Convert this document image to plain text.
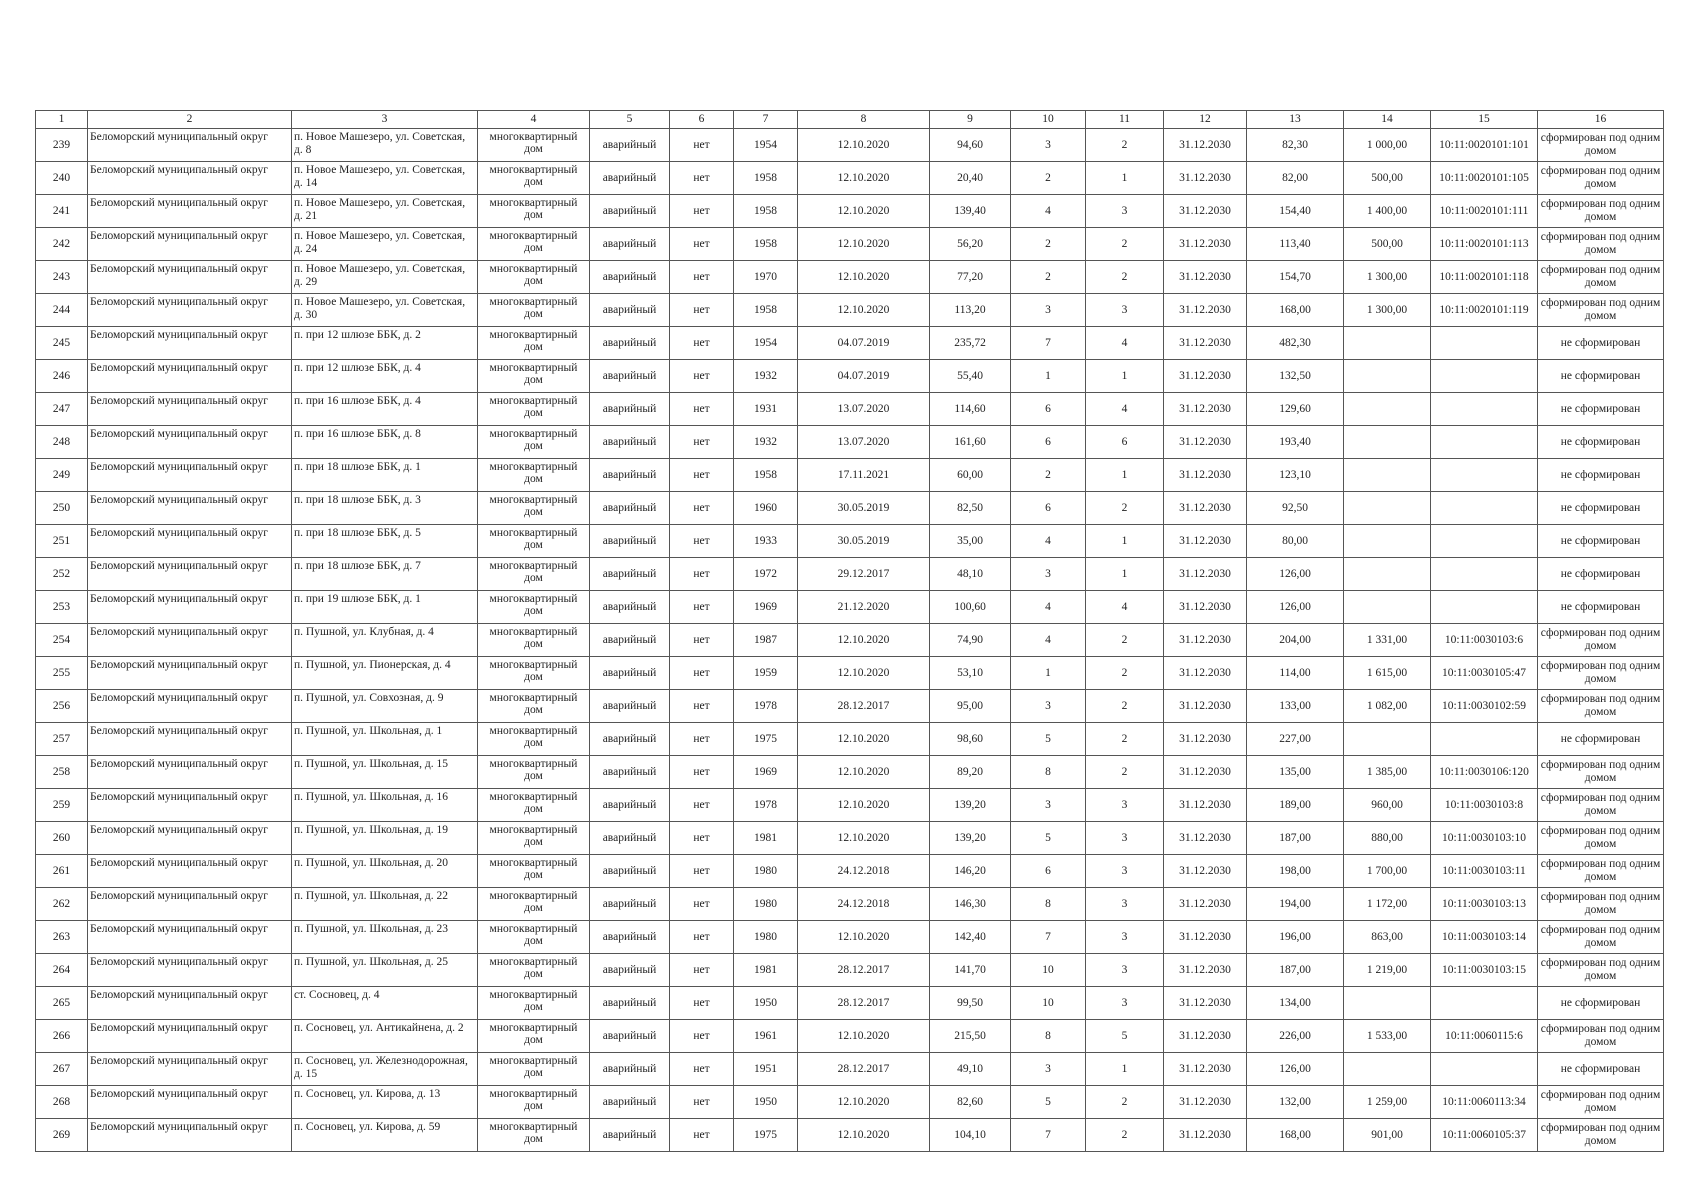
1	2	3	4	5	6	7	8	9	10	11	12	13	14	15	16
239	Беломорский муниципальный округ	п. Новое Машезеро, ул. Советская, д. 8	многоквартирный дом	аварийный	нет	1954	12.10.2020	94,60	3	2	31.12.2030	82,30	1 000,00	10:11:0020101:101	сформирован под одним домом
240	Беломорский муниципальный округ	п. Новое Машезеро, ул. Советская, д. 14	многоквартирный дом	аварийный	нет	1958	12.10.2020	20,40	2	1	31.12.2030	82,00	500,00	10:11:0020101:105	сформирован под одним домом
241	Беломорский муниципальный округ	п. Новое Машезеро, ул. Советская, д. 21	многоквартирный дом	аварийный	нет	1958	12.10.2020	139,40	4	3	31.12.2030	154,40	1 400,00	10:11:0020101:111	сформирован под одним домом
242	Беломорский муниципальный округ	п. Новое Машезеро, ул. Советская, д. 24	многоквартирный дом	аварийный	нет	1958	12.10.2020	56,20	2	2	31.12.2030	113,40	500,00	10:11:0020101:113	сформирован под одним домом
243	Беломорский муниципальный округ	п. Новое Машезеро, ул. Советская, д. 29	многоквартирный дом	аварийный	нет	1970	12.10.2020	77,20	2	2	31.12.2030	154,70	1 300,00	10:11:0020101:118	сформирован под одним домом
244	Беломорский муниципальный округ	п. Новое Машезеро, ул. Советская, д. 30	многоквартирный дом	аварийный	нет	1958	12.10.2020	113,20	3	3	31.12.2030	168,00	1 300,00	10:11:0020101:119	сформирован под одним домом
245	Беломорский муниципальный округ	п. при 12 шлюзе ББК, д. 2	многоквартирный дом	аварийный	нет	1954	04.07.2019	235,72	7	4	31.12.2030	482,30			не сформирован
246	Беломорский муниципальный округ	п. при 12 шлюзе ББК, д. 4	многоквартирный дом	аварийный	нет	1932	04.07.2019	55,40	1	1	31.12.2030	132,50			не сформирован
247	Беломорский муниципальный округ	п. при 16 шлюзе ББК, д. 4	многоквартирный дом	аварийный	нет	1931	13.07.2020	114,60	6	4	31.12.2030	129,60			не сформирован
248	Беломорский муниципальный округ	п. при 16 шлюзе ББК, д. 8	многоквартирный дом	аварийный	нет	1932	13.07.2020	161,60	6	6	31.12.2030	193,40			не сформирован
249	Беломорский муниципальный округ	п. при 18 шлюзе ББК, д. 1	многоквартирный дом	аварийный	нет	1958	17.11.2021	60,00	2	1	31.12.2030	123,10			не сформирован
250	Беломорский муниципальный округ	п. при 18 шлюзе ББК, д. 3	многоквартирный дом	аварийный	нет	1960	30.05.2019	82,50	6	2	31.12.2030	92,50			не сформирован
251	Беломорский муниципальный округ	п. при 18 шлюзе ББК, д. 5	многоквартирный дом	аварийный	нет	1933	30.05.2019	35,00	4	1	31.12.2030	80,00			не сформирован
252	Беломорский муниципальный округ	п. при 18 шлюзе ББК, д. 7	многоквартирный дом	аварийный	нет	1972	29.12.2017	48,10	3	1	31.12.2030	126,00			не сформирован
253	Беломорский муниципальный округ	п. при 19 шлюзе ББК, д. 1	многоквартирный дом	аварийный	нет	1969	21.12.2020	100,60	4	4	31.12.2030	126,00			не сформирован
254	Беломорский муниципальный округ	п. Пушной, ул. Клубная, д. 4	многоквартирный дом	аварийный	нет	1987	12.10.2020	74,90	4	2	31.12.2030	204,00	1 331,00	10:11:0030103:6	сформирован под одним домом
255	Беломорский муниципальный округ	п. Пушной, ул. Пионерская, д. 4	многоквартирный дом	аварийный	нет	1959	12.10.2020	53,10	1	2	31.12.2030	114,00	1 615,00	10:11:0030105:47	сформирован под одним домом
256	Беломорский муниципальный округ	п. Пушной, ул. Совхозная, д. 9	многоквартирный дом	аварийный	нет	1978	28.12.2017	95,00	3	2	31.12.2030	133,00	1 082,00	10:11:0030102:59	сформирован под одним домом
257	Беломорский муниципальный округ	п. Пушной, ул. Школьная, д. 1	многоквартирный дом	аварийный	нет	1975	12.10.2020	98,60	5	2	31.12.2030	227,00			не сформирован
258	Беломорский муниципальный округ	п. Пушной, ул. Школьная, д. 15	многоквартирный дом	аварийный	нет	1969	12.10.2020	89,20	8	2	31.12.2030	135,00	1 385,00	10:11:0030106:120	сформирован под одним домом
259	Беломорский муниципальный округ	п. Пушной, ул. Школьная, д. 16	многоквартирный дом	аварийный	нет	1978	12.10.2020	139,20	3	3	31.12.2030	189,00	960,00	10:11:0030103:8	сформирован под одним домом
260	Беломорский муниципальный округ	п. Пушной, ул. Школьная, д. 19	многоквартирный дом	аварийный	нет	1981	12.10.2020	139,20	5	3	31.12.2030	187,00	880,00	10:11:0030103:10	сформирован под одним домом
261	Беломорский муниципальный округ	п. Пушной, ул. Школьная, д. 20	многоквартирный дом	аварийный	нет	1980	24.12.2018	146,20	6	3	31.12.2030	198,00	1 700,00	10:11:0030103:11	сформирован под одним домом
262	Беломорский муниципальный округ	п. Пушной, ул. Школьная, д. 22	многоквартирный дом	аварийный	нет	1980	24.12.2018	146,30	8	3	31.12.2030	194,00	1 172,00	10:11:0030103:13	сформирован под одним домом
263	Беломорский муниципальный округ	п. Пушной, ул. Школьная, д. 23	многоквартирный дом	аварийный	нет	1980	12.10.2020	142,40	7	3	31.12.2030	196,00	863,00	10:11:0030103:14	сформирован под одним домом
264	Беломорский муниципальный округ	п. Пушной, ул. Школьная, д. 25	многоквартирный дом	аварийный	нет	1981	28.12.2017	141,70	10	3	31.12.2030	187,00	1 219,00	10:11:0030103:15	сформирован под одним домом
265	Беломорский муниципальный округ	ст. Сосновец, д. 4	многоквартирный дом	аварийный	нет	1950	28.12.2017	99,50	10	3	31.12.2030	134,00			не сформирован
266	Беломорский муниципальный округ	п. Сосновец, ул. Антикайнена, д. 2	многоквартирный дом	аварийный	нет	1961	12.10.2020	215,50	8	5	31.12.2030	226,00	1 533,00	10:11:0060115:6	сформирован под одним домом
267	Беломорский муниципальный округ	п. Сосновец, ул. Железнодорожная, д. 15	многоквартирный дом	аварийный	нет	1951	28.12.2017	49,10	3	1	31.12.2030	126,00			не сформирован
268	Беломорский муниципальный округ	п. Сосновец, ул. Кирова, д. 13	многоквартирный дом	аварийный	нет	1950	12.10.2020	82,60	5	2	31.12.2030	132,00	1 259,00	10:11:0060113:34	сформирован под одним домом
269	Беломорский муниципальный округ	п. Сосновец, ул. Кирова, д. 59	многоквартирный дом	аварийный	нет	1975	12.10.2020	104,10	7	2	31.12.2030	168,00	901,00	10:11:0060105:37	сформирован под одним домом
